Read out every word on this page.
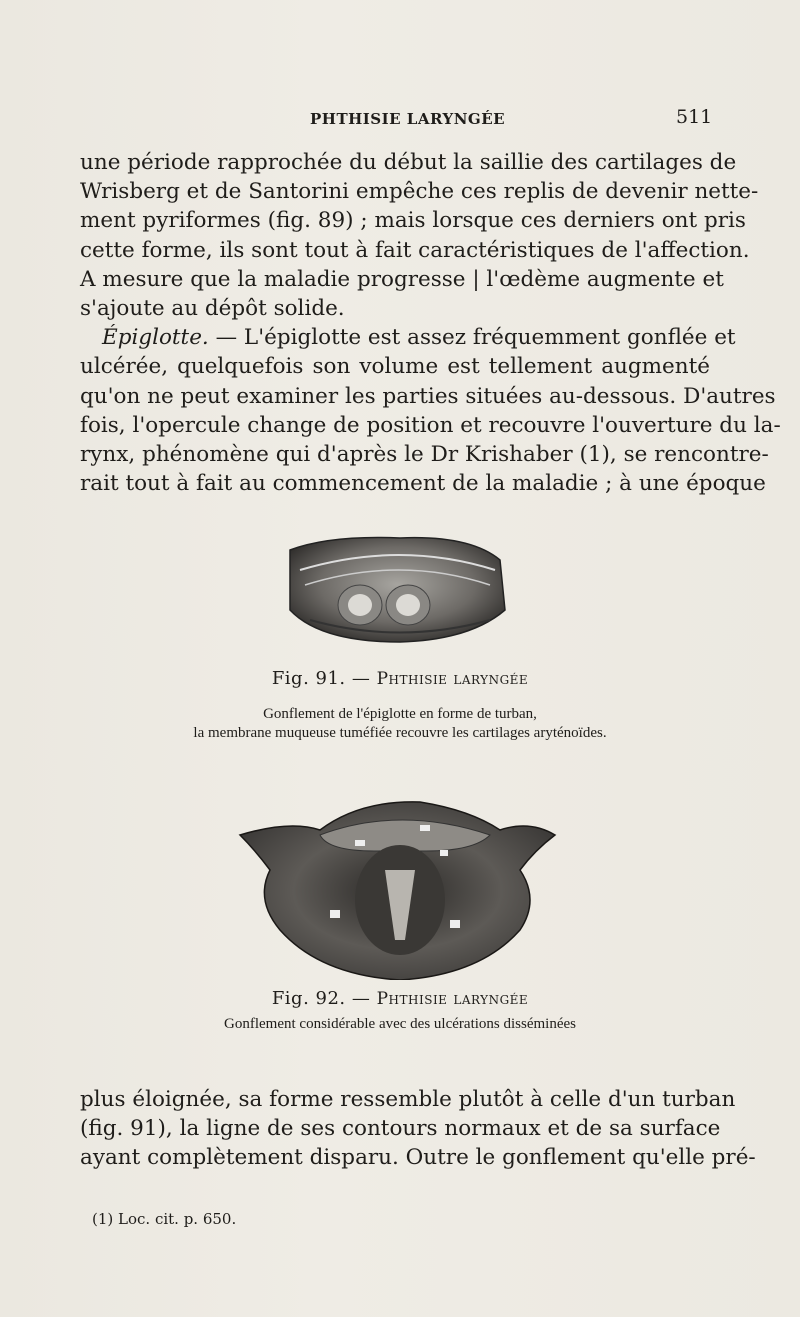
PHTHISIE LARYNGÉE	511
une période rapprochée du début la saillie des cartilages de
Wrisberg et de Santorini empêche ces replis de devenir nette-
ment pyriformes (fig. 89) ; mais lorsque ces derniers ont pris
cette forme, ils sont tout à fait caractéristiques de l'affection.
A mesure que la maladie progresse | l'œdème augmente et
s'ajoute au dépôt solide.
Épiglotte. — L'épiglotte est assez fréquemment gonflée et
ulcérée, quelquefois son volume est tellement augmenté
qu'on ne peut examiner les parties situées au-dessous. D'autres
fois, l'opercule change de position et recouvre l'ouverture du la-
rynx, phénomène qui d'après le Dr Krishaber (1), se rencontre-
rait tout à fait au commencement de la maladie ; à une époque
Fig. 91. — Phthisie laryngée
Gonflement de l'épiglotte en forme de turban,
la membrane muqueuse tuméfiée recouvre les cartilages aryténoïdes.
Fig. 92. — Phthisie laryngée
Gonflement considérable avec des ulcérations disséminées
plus éloignée, sa forme ressemble plutôt à celle d'un turban
(fig. 91), la ligne de ses contours normaux et de sa surface
ayant complètement disparu. Outre le gonflement qu'elle pré-
(1) Loc. cit. p. 650.
